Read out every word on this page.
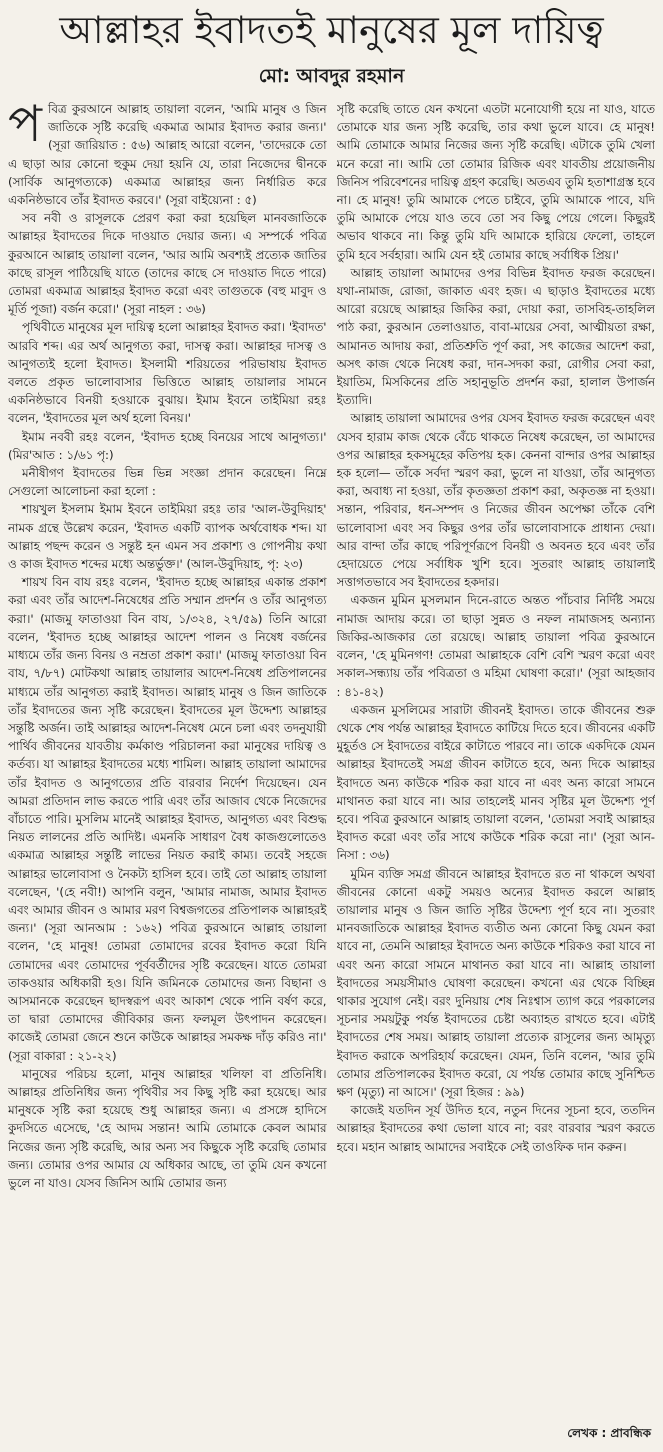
আল্লাহর ইবাদতই মানুষের মূল দায়িত্ব
মো: আবদুর রহমান

পবিত্র কুরআনে আল্লাহ তায়ালা বলেন, 'আমি মানুষ ও জিন জাতিকে সৃষ্টি করেছি একমাত্র আমার ইবাদত করার জন্য।' (সূরা জারিয়াত : ৫৬) আল্লাহ আরো বলেন, 'তাদেরকে তো এ ছাড়া আর কোনো হুকুম দেয়া হয়নি যে, তারা নিজেদের দ্বীনকে (সার্বিক আনুগত্যকে) একমাত্র আল্লাহর জন্য নির্ধারিত করে একনিষ্ঠভাবে তাঁর ইবাদত করবে।' (সূরা বাইয়্যেনা : ৫)

সব নবী ও রাসূলকে প্রেরণ করা করা হয়েছিল মানবজাতিকে আল্লাহর ইবাদতের দিকে দাওয়াত দেয়ার জন্য। এ সম্পর্কে পবিত্র কুরআনে আল্লাহ তায়ালা বলেন, 'আর আমি অবশ্যই প্রত্যেক জাতির কাছে রাসূল পাঠিয়েছি যাতে (তাদের কাছে সে দাওয়াত দিতে পারে) তোমরা একমাত্র আল্লাহর ইবাদত করো এবং তাগুতকে (বহু মাবুদ ও মূর্তি পূজা) বর্জন করো।' (সূরা নাহল : ৩৬)

পৃথিবীতে মানুষের মূল দায়িত্ব হলো আল্লাহর ইবাদত করা। 'ইবাদত' আরবি শব্দ। এর অর্থ আনুগত্য করা, দাসত্ব করা। আল্লাহর দাসত্ব ও আনুগত্যই হলো ইবাদত। ইসলামী শরিয়তের পরিভাষায় ইবাদত বলতে প্রকৃত ভালোবাসার ভিত্তিতে আল্লাহ তায়ালার সামনে একনিষ্ঠভাবে বিনয়ী হওয়াকে বুঝায়। ইমাম ইবনে তাইমিয়া রহঃ বলেন, 'ইবাদতের মূল অর্থ হলো বিনয়।'

ইমাম নববী রহঃ বলেন, 'ইবাদত হচ্ছে বিনয়ের সাথে আনুগত্য।' (মির'আত : ১/৬১ পৃ:)

মনীষীগণ ইবাদতের ভিন্ন ভিন্ন সংজ্ঞা প্রদান করেছেন। নিম্নে সেগুলো আলোচনা করা হলো :

শায়খুল ইসলাম ইমাম ইবনে তাইমিয়া রহঃ তার 'আল-উবুদিয়াহ' নামক গ্রন্থে উল্লেখ করেন, 'ইবাদত একটি ব্যাপক অর্থবোধক শব্দ। যা আল্লাহ পছন্দ করেন ও সন্তুষ্ট হন এমন সব প্রকাশ্য ও গোপনীয় কথা ও কাজ ইবাদত শব্দের মধ্যে অন্তর্ভুক্ত।' (আল-উবুদিয়াহ, পৃ: ২৩)

শায়খ বিন বায রহঃ বলেন, 'ইবাদত হচ্ছে আল্লাহর একান্ত প্রকাশ করা এবং তাঁর আদেশ-নিষেধের প্রতি সম্মান প্রদর্শন ও তাঁর আনুগত্য করা।' (মাজমু ফাতাওয়া বিন বায, ১/৩২৪, ২৭/৫৯) তিনি আরো বলেন, 'ইবাদত হচ্ছে আল্লাহর আদেশ পালন ও নিষেধ বর্জনের মাধ্যমে তাঁর জন্য বিনয় ও নম্রতা প্রকাশ করা।' (মাজমু ফাতাওয়া বিন বায, ৭/৮৭) মোটকথা আল্লাহ তায়ালার আদেশ-নিষেধ প্রতিপালনের মাধ্যমে তাঁর আনুগত্য করাই ইবাদত। আল্লাহ মানুষ ও জিন জাতিকে তাঁর ইবাদতের জন্য সৃষ্টি করেছেন। ইবাদতের মূল উদ্দেশ্য আল্লাহর সন্তুষ্টি অর্জন। তাই আল্লাহর আদেশ-নিষেধ মেনে চলা এবং তদনুযায়ী পার্থিব জীবনের যাবতীয় কর্মকাণ্ড পরিচালনা করা মানুষের দায়িত্ব ও কর্তব্য। যা আল্লাহর ইবাদতের মধ্যে শামিল। আল্লাহ তায়ালা আমাদের তাঁর ইবাদত ও আনুগত্যের প্রতি বারবার নির্দেশ দিয়েছেন। যেন আমরা প্রতিদান লাভ করতে পারি এবং তাঁর আজাব থেকে নিজেদের বাঁচাতে পারি। মুসলিম মানেই আল্লাহর ইবাদত, আনুগত্য এবং বিশুদ্ধ নিয়ত লালনের প্রতি আদিষ্ট। এমনকি সাধারণ বৈধ কাজগুলোতেও একমাত্র আল্লাহর সন্তুষ্টি লাভের নিয়ত করাই কাম্য। তবেই সহজে আল্লাহর ভালোবাসা ও নৈকট্য হাসিল হবে। তাই তো আল্লাহ তায়ালা বলেছেন, '(হে নবী!) আপনি বলুন, 'আমার নামাজ, আমার ইবাদত এবং আমার জীবন ও আমার মরণ বিশ্বজগতের প্রতিপালক আল্লাহরই জন্য।' (সূরা আনআম : ১৬২) পবিত্র কুরআনে আল্লাহ তায়ালা বলেন, 'হে মানুষ! তোমরা তোমাদের রবের ইবাদত করো যিনি তোমাদের এবং তোমাদের পূর্ববর্তীদের সৃষ্টি করেছেন। যাতে তোমরা তাকওয়ার অধিকারী হও। যিনি জমিনকে তোমাদের জন্য বিছানা ও আসমানকে করেছেন ছাদস্বরূপ এবং আকাশ থেকে পানি বর্ষণ করে, তা দ্বারা তোমাদের জীবিকার জন্য ফলমূল উৎপাদন করেছেন। কাজেই তোমরা জেনে শুনে কাউকে আল্লাহর সমকক্ষ দাঁড় করিও না।' (সূরা বাকারা : ২১-২২)

মানুষের পরিচয় হলো, মানুষ আল্লাহর খলিফা বা প্রতিনিধি। আল্লাহর প্রতিনিধির জন্য পৃথিবীর সব কিছু সৃষ্টি করা হয়েছে। আর মানুষকে সৃষ্টি করা হয়েছে শুধু আল্লাহর জন্য। এ প্রসঙ্গে হাদিসে কুদসিতে এসেছে, 'হে আদম সন্তান! আমি তোমাকে কেবল আমার নিজের জন্য সৃষ্টি করেছি, আর অন্য সব কিছুকে সৃষ্টি করেছি তোমার জন্য। তোমার ওপর আমার যে অধিকার আছে, তা তুমি যেন কখনো ভুলে না যাও। যেসব জিনিস আমি তোমার জন্য

সৃষ্টি করেছি তাতে যেন কখনো এতটা মনোযোগী হয়ে না যাও, যাতে তোমাকে যার জন্য সৃষ্টি করেছি, তার কথা ভুলে যাবে। হে মানুষ! আমি তোমাকে আমার নিজের জন্য সৃষ্টি করেছি। এটাকে তুমি খেলা মনে করো না। আমি তো তোমার রিজিক এবং যাবতীয় প্রয়োজনীয় জিনিস পরিবেশনের দায়িত্ব গ্রহণ করেছি। অতএব তুমি হতাশাগ্রস্ত হবে না। হে মানুষ! তুমি আমাকে পেতে চাইবে, তুমি আমাকে পাবে, যদি তুমি আমাকে পেয়ে যাও তবে তো সব কিছু পেয়ে গেলে। কিছুরই অভাব থাকবে না। কিন্তু তুমি যদি আমাকে হারিয়ে ফেলো, তাহলে তুমি হবে সর্বহারা। আমি যেন হই তোমার কাছে সর্বাধিক প্রিয়।'

আল্লাহ তায়ালা আমাদের ওপর বিভিন্ন ইবাদত ফরজ করেছেন। যথা-নামাজ, রোজা, জাকাত এবং হজ। এ ছাড়াও ইবাদতের মধ্যে আরো রয়েছে আল্লাহর জিকির করা, দোয়া করা, তাসবিহ-তাহলিল পাঠ করা, কুরআন তেলাওয়াত, বাবা-মায়ের সেবা, আত্মীয়তা রক্ষা, আমানত আদায় করা, প্রতিশ্রুতি পূর্ণ করা, সৎ কাজের আদেশ করা, অসৎ কাজ থেকে নিষেধ করা, দান-সদকা করা, রোগীর সেবা করা, ইয়াতিম, মিসকিনের প্রতি সহানুভূতি প্রদর্শন করা, হালাল উপার্জন ইত্যাদি।

আল্লাহ তায়ালা আমাদের ওপর যেসব ইবাদত ফরজ করেছেন এবং যেসব হারাম কাজ থেকে বেঁচে থাকতে নিষেধ করেছেন, তা আমাদের ওপর আল্লাহর হকসমূহের কতিপয় হক। কেননা বান্দার ওপর আল্লাহর হক হলো— তাঁকে সর্বদা স্মরণ করা, ভুলে না যাওয়া, তাঁর আনুগত্য করা, অবাধ্য না হওয়া, তাঁর কৃতজ্ঞতা প্রকাশ করা, অকৃতজ্ঞ না হওয়া। সন্তান, পরিবার, ধন-সম্পদ ও নিজের জীবন অপেক্ষা তাঁকে বেশি ভালোবাসা এবং সব কিছুর ওপর তাঁর ভালোবাসাকে প্রাধান্য দেয়া। আর বান্দা তাঁর কাছে পরিপূর্ণরূপে বিনয়ী ও অবনত হবে এবং তাঁর হেদায়েতে পেয়ে সর্বাধিক খুশি হবে। সুতরাং আল্লাহ তায়ালাই সত্তাগতভাবে সব ইবাদতের হকদার।

একজন মুমিন মুসলমান দিনে-রাতে অন্তত পাঁচবার নির্দিষ্ট সময়ে নামাজ আদায় করে। তা ছাড়া সুন্নত ও নফল নামাজসহ অন্যান্য জিকির-আজকার তো রয়েছে। আল্লাহ তায়ালা পবিত্র কুরআনে বলেন, 'হে মুমিনগণ! তোমরা আল্লাহকে বেশি বেশি স্মরণ করো এবং সকাল-সন্ধ্যায় তাঁর পবিত্রতা ও মহিমা ঘোষণা করো।' (সূরা আহজাব : ৪১-৪২)

একজন মুসলিমের সারাটা জীবনই ইবাদত। তাকে জীবনের শুরু থেকে শেষ পর্যন্ত আল্লাহর ইবাদতে কাটিয়ে দিতে হবে। জীবনের একটি মুহূর্তও সে ইবাদতের বাইরে কাটাতে পারবে না। তাকে একদিকে যেমন আল্লাহর ইবাদতেই সমগ্র জীবন কাটাতে হবে, অন্য দিকে আল্লাহর ইবাদতে অন্য কাউকে শরিক করা যাবে না এবং অন্য কারো সামনে মাথানত করা যাবে না। আর তাহলেই মানব সৃষ্টির মূল উদ্দেশ্য পূর্ণ হবে। পবিত্র কুরআনে আল্লাহ তায়ালা বলেন, 'তোমরা সবাই আল্লাহর ইবাদত করো এবং তাঁর সাথে কাউকে শরিক করো না।' (সূরা আন-নিসা : ৩৬)

মুমিন ব্যক্তি সমগ্র জীবনে আল্লাহর ইবাদতে রত না থাকলে অথবা জীবনের কোনো একটু সময়ও অন্যের ইবাদত করলে আল্লাহ তায়ালার মানুষ ও জিন জাতি সৃষ্টির উদ্দেশ্য পূর্ণ হবে না। সুতরাং মানবজাতিকে আল্লাহর ইবাদত ব্যতীত অন্য কোনো কিছু যেমন করা যাবে না, তেমনি আল্লাহর ইবাদতে অন্য কাউকে শরিকও করা যাবে না এবং অন্য কারো সামনে মাথানত করা যাবে না। আল্লাহ তায়ালা ইবাদতের সময়সীমাও ঘোষণা করেছেন। কখনো এর থেকে বিচ্ছিন্ন থাকার সুযোগ নেই। বরং দুনিয়ায় শেষ নিঃশ্বাস ত্যাগ করে পরকালের সূচনার সময়টুকু পর্যন্ত ইবাদতের চেষ্টা অব্যাহত রাখতে হবে। এটাই ইবাদতের শেষ সময়। আল্লাহ তায়ালা প্রত্যেক রাসূলের জন্য আমৃত্যু ইবাদত করাকে অপরিহার্য করেছেন। যেমন, তিনি বলেন, 'আর তুমি তোমার প্রতিপালকের ইবাদত করো, যে পর্যন্ত তোমার কাছে সুনিশ্চিত ক্ষণ (মৃত্যু) না আসে।' (সূরা হিজর : ৯৯)

কাজেই যতদিন সূর্য উদিত হবে, নতুন দিনের সূচনা হবে, ততদিন আল্লাহর ইবাদতের কথা ভোলা যাবে না; বরং বারবার স্মরণ করতে হবে। মহান আল্লাহ আমাদের সবাইকে সেই তাওফিক দান করুন।

লেখক : প্রাবন্ধিক
